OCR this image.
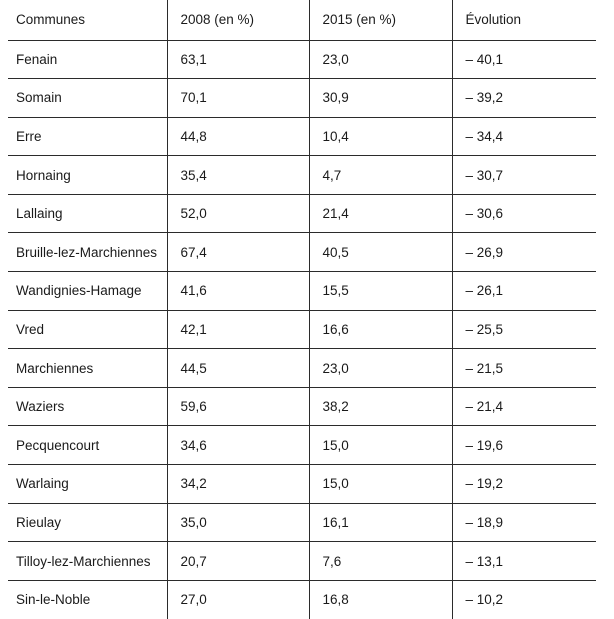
Communes	2008 (en %)	2015 (en %)	Évolution
Fenain	63,1	23,0	– 40,1
Somain	70,1	30,9	– 39,2
Erre	44,8	10,4	– 34,4
Hornaing	35,4	4,7	– 30,7
Lallaing	52,0	21,4	– 30,6
Bruille-lez-Marchiennes	67,4	40,5	– 26,9
Wandignies-Hamage	41,6	15,5	– 26,1
Vred	42,1	16,6	– 25,5
Marchiennes	44,5	23,0	– 21,5
Waziers	59,6	38,2	– 21,4
Pecquencourt	34,6	15,0	– 19,6
Warlaing	34,2	15,0	– 19,2
Rieulay	35,0	16,1	– 18,9
Tilloy-lez-Marchiennes	20,7	7,6	– 13,1
Sin-le-Noble	27,0	16,8	– 10,2
